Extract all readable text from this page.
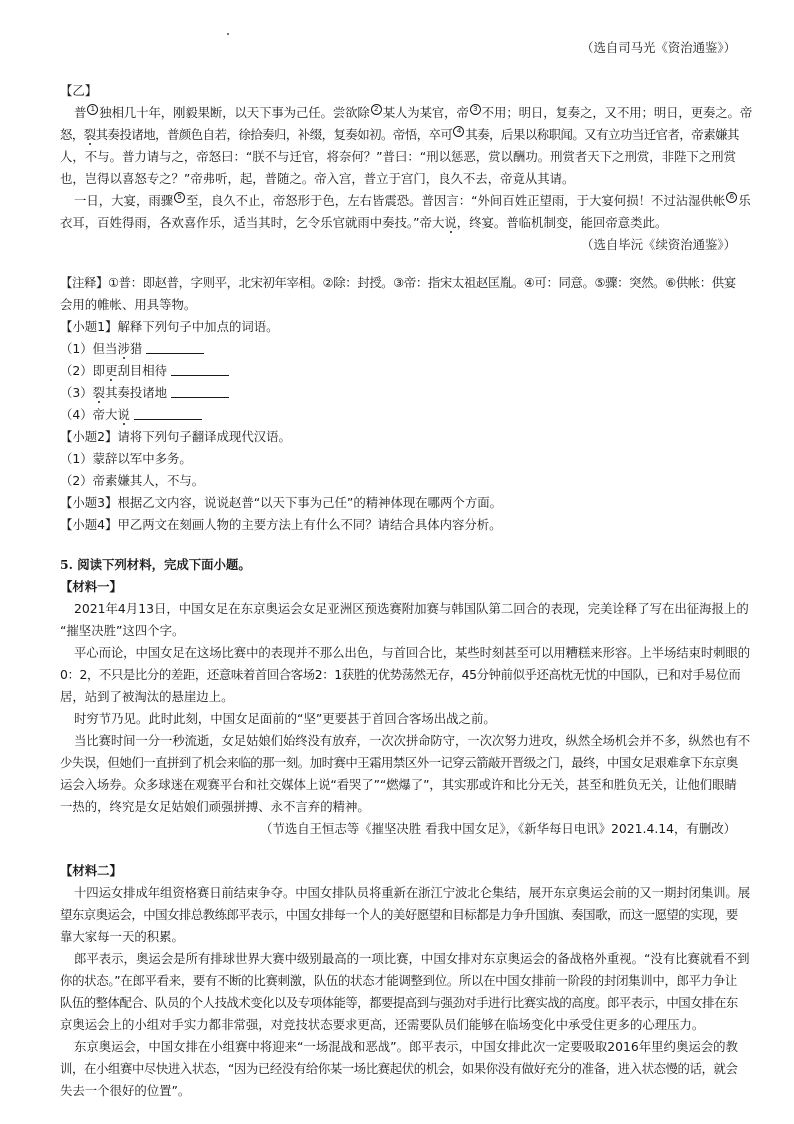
（选自司马光《资治通鉴》）
【乙】
普 $^1$ 独相几十年，刚毅果断，以天下事为己任。尝欲除 $^2$ 某人为某官，帝 $^3$ 不用；明日，复奏之，又不用；明日，更奏之。帝
怒，裂其奏投诸地，普颜色自若，徐拾奏归，补缀，复奏如初。帝悟，卒可 $^4$ 其奏，后果以称职闻。又有立功当迁官者，帝素嫌其
人，不与。普力请与之，帝怒曰：“朕不与迁官，将奈何？”普曰：“刑以惩恶，赏以酬功。刑赏者天下之刑赏，非陛下之刑赏
也，岂得以喜怒专之？”帝弗听，起，普随之。帝入宫，普立于宫门，良久不去，帝竟从其请。
一日，大宴，雨骤 $^5$ 至，良久不止，帝怒形于色，左右皆震恐。普因言：“外间百姓正望雨，于大宴何损！不过沾湿供帐 $^6$ 乐
衣耳，百姓得雨，各欢喜作乐，适当其时，乞令乐官就雨中奏技。”帝大说，终宴。普临机制变，能回帝意类此。
（选自毕沅《续资治通鉴》）
【注释】①普：即赵普，字则平，北宋初年宰相。②除：封授。③帝：指宋太祖赵匡胤。④可：同意。⑤骤：突然。⑥供帐：供宴
会用的帷帐、用具等物。
【小题1】解释下列句子中加点的词语。
（1）但当涉猎
（2）即更刮目相待
（3）裂其奏投诸地
（4）帝大说
【小题2】请将下列句子翻译成现代汉语。
（1）蒙辞以军中多务。
（2）帝素嫌其人，不与。
【小题3】根据乙文内容，说说赵普“以天下事为己任”的精神体现在哪两个方面。
【小题4】甲乙两文在刻画人物的主要方法上有什么不同？请结合具体内容分析。
5. 阅读下列材料，完成下面小题。
【材料一】
2021年4月13日，中国女足在东京奥运会女足亚洲区预选赛附加赛与韩国队第二回合的表现，完美诠释了写在出征海报上的
“摧坚决胜”这四个字。
平心而论，中国女足在这场比赛中的表现并不那么出色，与首回合比，某些时刻甚至可以用糟糕来形容。上半场结束时刺眼的
0：2，不只是比分的差距，还意味着首回合客场2：1获胜的优势荡然无存，45分钟前似乎还高枕无忧的中国队，已和对手易位而
居，站到了被淘汰的悬崖边上。
时穷节乃见。此时此刻，中国女足面前的“坚”更要甚于首回合客场出战之前。
当比赛时间一分一秒流逝，女足姑娘们始终没有放弃，一次次拼命防守，一次次努力进攻，纵然全场机会并不多，纵然也有不
少失误，但她们一直拼到了机会来临的那一刻。加时赛中王霜用禁区外一记穿云箭敲开晋级之门，最终，中国女足艰难拿下东京奥
运会入场券。众多球迷在观赛平台和社交媒体上说“看哭了”“燃爆了”，其实那或许和比分无关，甚至和胜负无关，让他们眼睛
一热的，终究是女足姑娘们顽强拼搏、永不言弃的精神。
（节选自王恒志等《摧坚决胜 看我中国女足》，《新华每日电讯》2021.4.14，有删改）
【材料二】
十四运女排成年组资格赛日前结束争夺。中国女排队员将重新在浙江宁波北仑集结，展开东京奥运会前的又一期封闭集训。展
望东京奥运会，中国女排总教练郎平表示，中国女排每一个人的美好愿望和目标都是力争升国旗、奏国歌，而这一愿望的实现，要
靠大家每一天的积累。
郎平表示，奥运会是所有排球世界大赛中级别最高的一项比赛，中国女排对东京奥运会的备战格外重视。“没有比赛就看不到
你的状态。”在郎平看来，要有不断的比赛刺激，队伍的状态才能调整到位。所以在中国女排前一阶段的封闭集训中，郎平力争让
队伍的整体配合、队员的个人技战术变化以及专项体能等，都要提高到与强劲对手进行比赛实战的高度。郎平表示，中国女排在东
京奥运会上的小组对手实力都非常强，对竞技状态要求更高，还需要队员们能够在临场变化中承受住更多的心理压力。
东京奥运会，中国女排在小组赛中将迎来“一场混战和恶战”。郎平表示，中国女排此次一定要吸取2016年里约奥运会的教
训，在小组赛中尽快进入状态，“因为已经没有给你某一场比赛起伏的机会，如果你没有做好充分的准备，进入状态慢的话，就会
失去一个很好的位置”。
